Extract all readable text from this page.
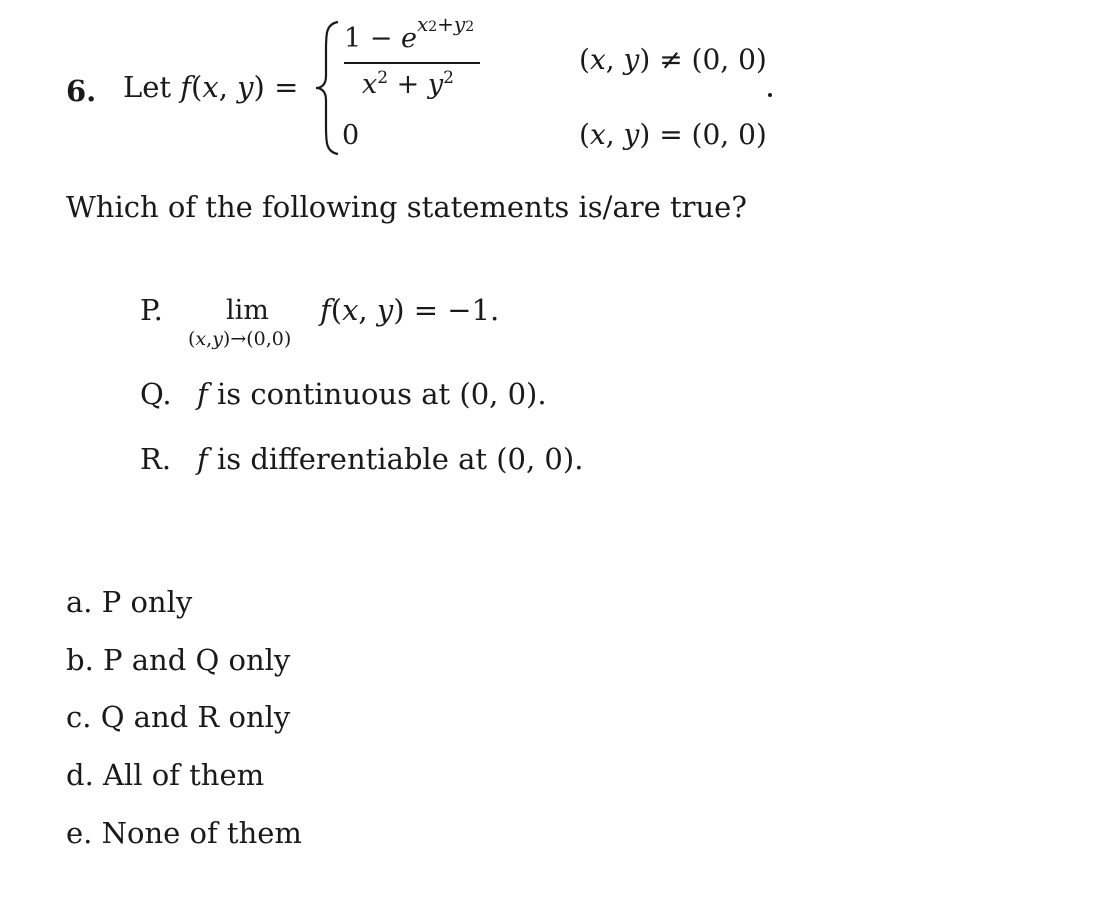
6. Let f(x, y) =
$1 - e^{x2+y2}$
$x^2 + y^2$
(x, y) ≠ (0, 0)
0	(x, y) = (0, 0)
Which of the following statements is/are true?
P. lim
(x,y)→(0,0)
f(x, y) = −1.
Q. f is continuous at (0, 0).
R. f is differentiable at (0, 0).
a. P only
b. P and Q only
c. Q and R only
d. All of them
e. None of them
